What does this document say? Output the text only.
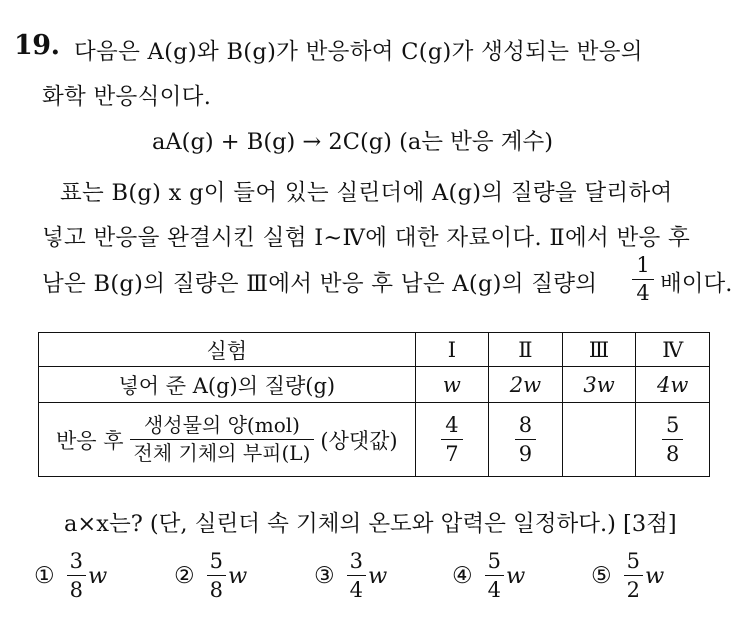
19. 다음은 A(g)와 B(g)가 반응하여 C(g)가 생성되는 반응의
화학 반응식이다.
aA(g) + B(g) → 2C(g) (a는 반응 계수)
표는 B(g) x g이 들어 있는 실린더에 A(g)의 질량을 달리하여
넣고 반응을 완결시킨 실험 Ⅰ~Ⅳ에 대한 자료이다. Ⅱ에서 반응 후
남은 B(g)의 질량은 Ⅲ에서 반응 후 남은 A(g)의 질량의
1
4 배이다.
실험	Ⅰ	Ⅱ	Ⅲ	Ⅳ
넣어 준 A(g)의 질량(g)	w	2w	3w	4w

반응 후 $\frac{\text{생성물의 양(mol)}}{\text{전체 기체의 부피(L)}}$ (상댓값)	$\frac{4}{7}$	$\frac{8}{9}$		$\frac{5}{8}$
a×x는? (단, 실린더 속 기체의 온도와 압력은 일정하다.) [3점]
① $\frac{3}{8}$ w	② $\frac{5}{8}$ w	③ $\frac{3}{4}$ w	④ $\frac{5}{4}$ w	⑤ $\frac{5}{2}$ w
